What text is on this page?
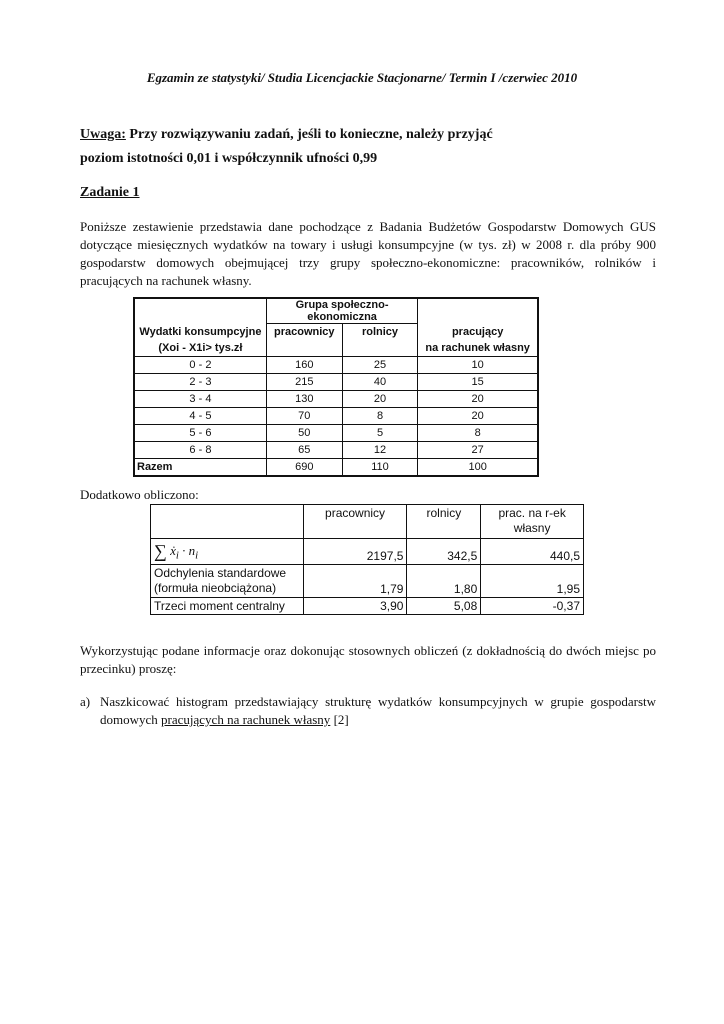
Egzamin ze statystyki/ Studia Licencjackie Stacjonarne/ Termin I /czerwiec 2010
Uwaga: Przy rozwiązywaniu zadań, jeśli to konieczne, należy przyjąć
poziom istotności 0,01 i współczynnik ufności 0,99
Zadanie 1
Poniższe zestawienie przedstawia dane pochodzące z Badania Budżetów Gospodarstw Domowych GUS dotyczące miesięcznych wydatków na towary i usługi konsumpcyjne (w tys. zł) w 2008 r. dla próby 900 gospodarstw domowych obejmującej trzy grupy społeczno-ekonomiczne: pracowników, rolników i pracujących na rachunek własny.
	Grupa społeczno-ekonomiczna		
Wydatki konsumpcyjne	pracownicy	rolnicy	pracujący
(Xoi - X1i> tys.zł			na rachunek własny
0 - 2	160	25	10
2 - 3	215	40	15
3 - 4	130	20	20
4 - 5	70	8	20
5 - 6	50	5	8
6 - 8	65	12	27
Razem	690	110	100
Dodatkowo obliczono:
	pracownicy	rolnicy	prac. na r-ek
własny

∑ ẋ$_i$ · $n_i$	2197,5	342,5	440,5

Odchylenia standardowe
(formuła nieobciążona)	1,79	1,80	1,95
Trzeci moment centralny	3,90	5,08	-0,37
Wykorzystując podane informacje oraz dokonując stosownych obliczeń (z dokładnością do dwóch miejsc po przecinku) proszę:
a) Naszkicować histogram przedstawiający strukturę wydatków konsumpcyjnych w grupie gospodarstw domowych pracujących na rachunek własny [2]
